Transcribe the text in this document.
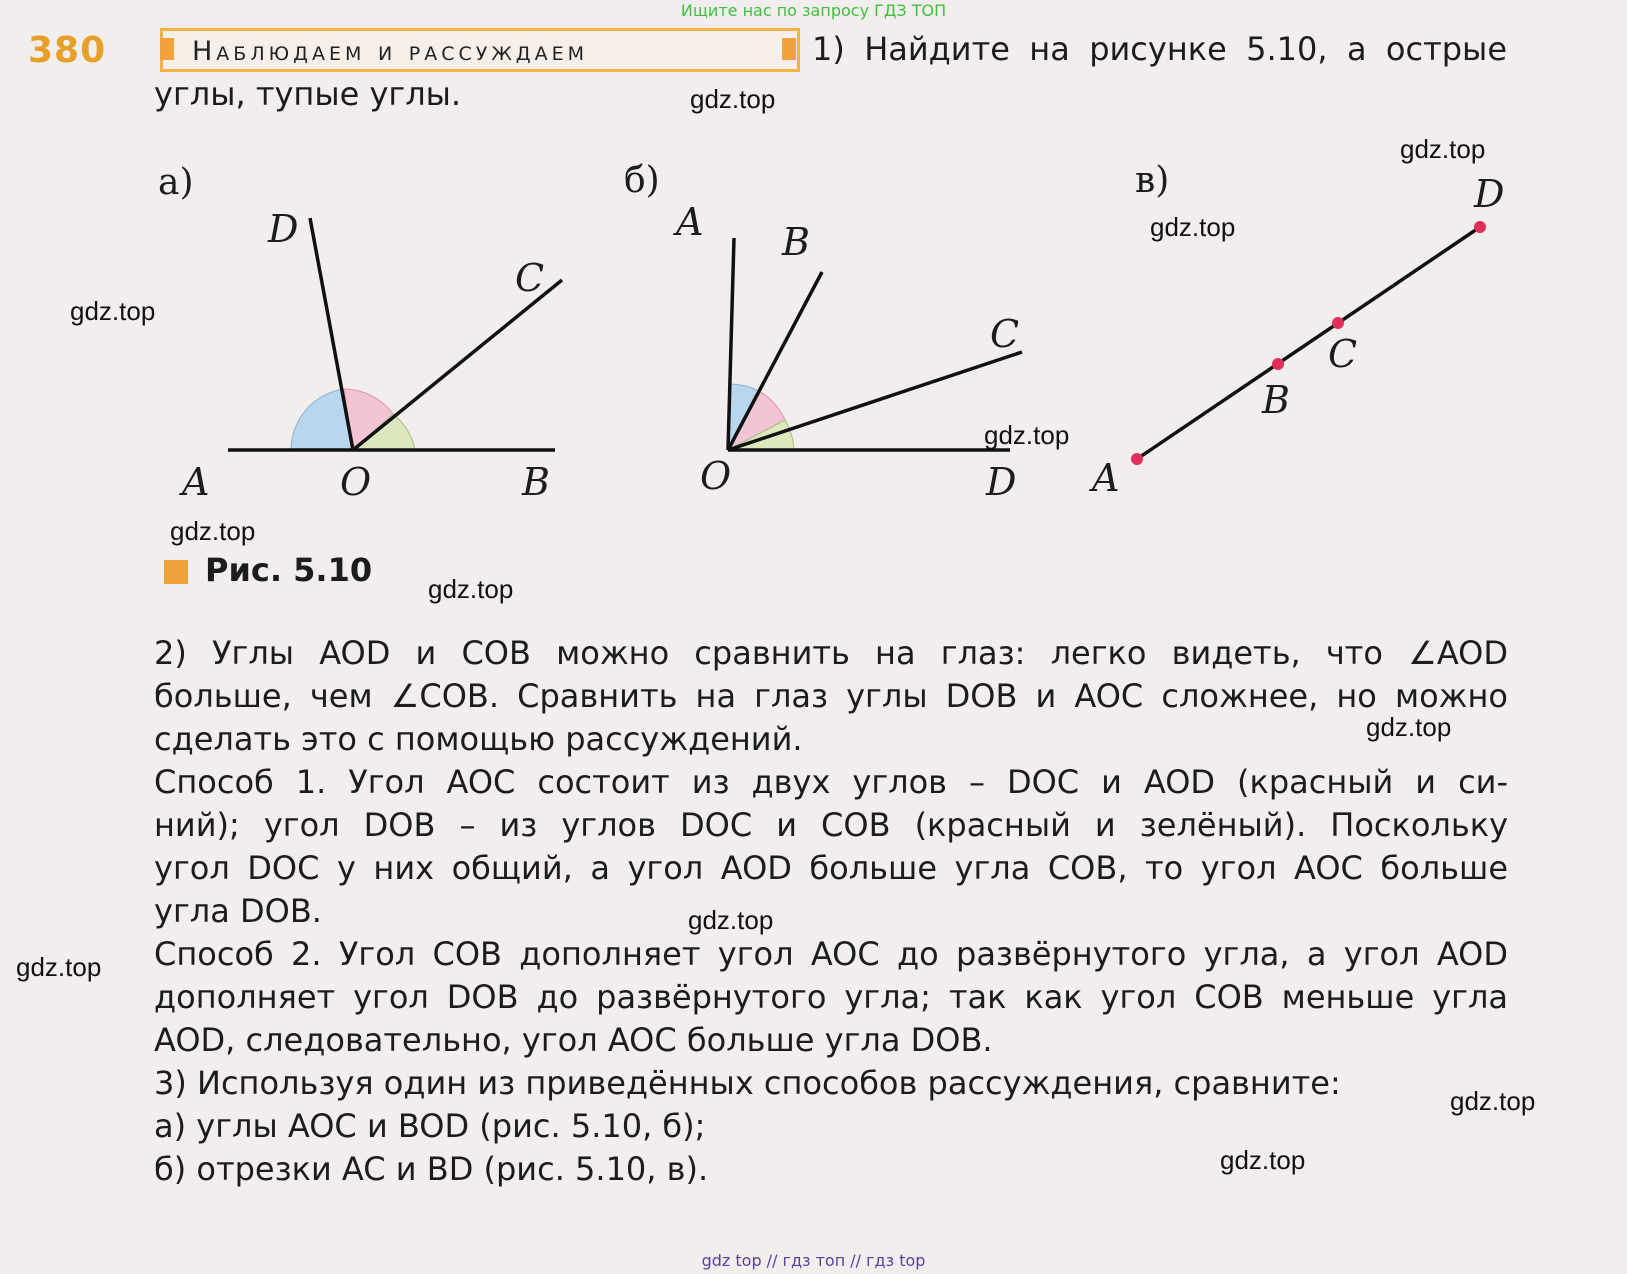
Ищите нас по запросу ГДЗ ТОП
380	Наблюдаем и рассуждаем	1) Найдите на рисунке 5.10, а острые
углы, тупые углы.
а)	б)	в)
D
C
A	O	B
A B
C
O	D A
B
C
D
Рис. 5.10
2) Углы AOD и COB можно сравнить на глаз: легко видеть, что ∠AOD
больше, чем ∠COB. Сравнить на глаз углы DOB и AOC сложнее, но можно
сделать это с помощью рассуждений.
Способ 1. Угол AOC состоит из двух углов – DOC и AOD (красный и си-
ний); угол DOB – из углов DOC и COB (красный и зелёный). Поскольку
угол DOC у них общий, а угол AOD больше угла COB, то угол AOC больше
угла DOB.
Способ 2. Угол COB дополняет угол AOC до развёрнутого угла, а угол AOD
дополняет угол DOB до развёрнутого угла; так как угол COB меньше угла
AOD, следовательно, угол AOC больше угла DOB.
3) Используя один из приведённых способов рассуждения, сравните:
а) углы AOC и BOD (рис. 5.10, б);
б) отрезки AC и BD (рис. 5.10, в).
gdz.top
gdz.top
gdz.top
gdz.top
gdz.top
gdz.top
gdz.top
gdz.top
gdz.top
gdz.top
gdz.top
gdz.top
gdz top // гдз топ // гдз top
